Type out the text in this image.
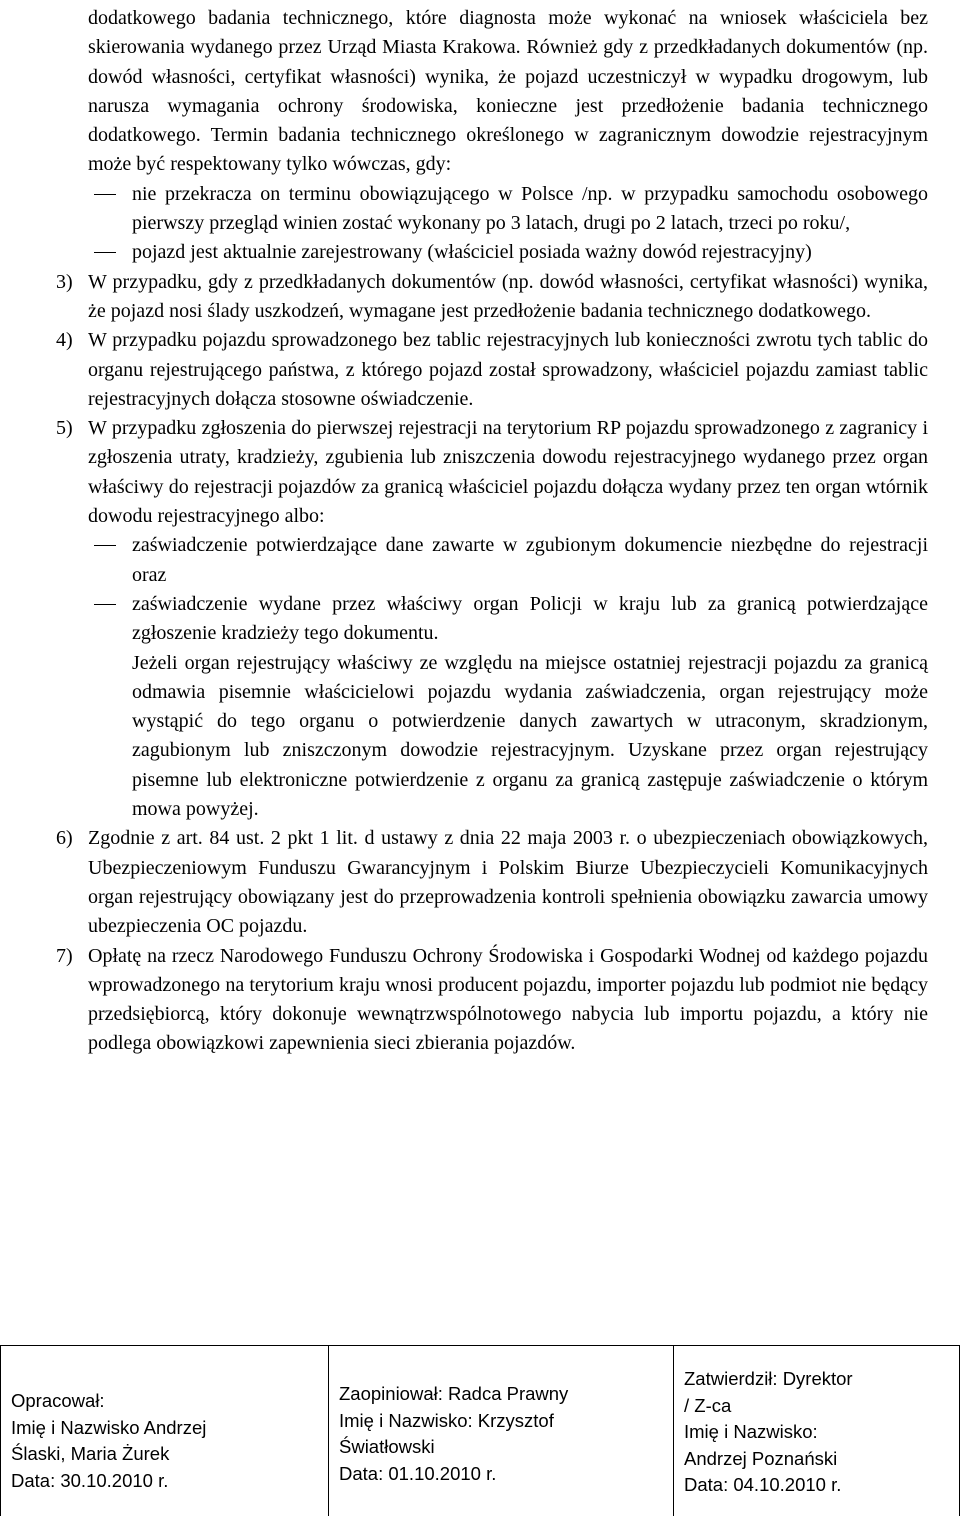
dodatkowego badania technicznego, które diagnosta może wykonać na wniosek właściciela bez skierowania wydanego przez Urząd Miasta Krakowa. Również gdy z przedkładanych dokumentów (np. dowód własności, certyfikat własności) wynika, że pojazd uczestniczył w wypadku drogowym, lub narusza wymagania ochrony środowiska, konieczne jest przedłożenie badania technicznego dodatkowego. Termin badania technicznego określonego w zagranicznym dowodzie rejestracyjnym może być respektowany tylko wówczas, gdy:

nie przekracza on terminu obowiązującego w Polsce /np. w przypadku samochodu osobowego pierwszy przegląd winien zostać wykonany po 3 latach, drugi po 2 latach, trzeci po roku/,
pojazd jest aktualnie zarejestrowany (właściciel posiada ważny dowód rejestracyjny)
3) W przypadku, gdy z przedkładanych dokumentów (np. dowód własności, certyfikat własności) wynika, że pojazd nosi ślady uszkodzeń, wymagane jest przedłożenie badania technicznego dodatkowego.
4) W przypadku pojazdu sprowadzonego bez tablic rejestracyjnych lub konieczności zwrotu tych tablic do organu rejestrującego państwa, z którego pojazd został sprowadzony, właściciel pojazdu zamiast tablic rejestracyjnych dołącza stosowne oświadczenie.
5) W przypadku zgłoszenia do pierwszej rejestracji na terytorium RP pojazdu sprowadzonego z zagranicy i zgłoszenia utraty, kradzieży, zgubienia lub zniszczenia dowodu rejestracyjnego wydanego przez organ właściwy do rejestracji pojazdów za granicą właściciel pojazdu dołącza wydany przez ten organ wtórnik dowodu rejestracyjnego albo:
zaświadczenie potwierdzające dane zawarte w zgubionym dokumencie niezbędne do rejestracji oraz
zaświadczenie wydane przez właściwy organ Policji w kraju lub za granicą potwierdzające zgłoszenie kradzieży tego dokumentu.

Jeżeli organ rejestrujący właściwy ze względu na miejsce ostatniej rejestracji pojazdu za granicą odmawia pisemnie właścicielowi pojazdu wydania zaświadczenia, organ rejestrujący może wystąpić do tego organu o potwierdzenie danych zawartych w utraconym, skradzionym, zagubionym lub zniszczonym dowodzie rejestracyjnym. Uzyskane przez organ rejestrujący pisemne lub elektroniczne potwierdzenie z organu za granicą zastępuje zaświadczenie o którym mowa powyżej.

6) Zgodnie z art. 84 ust. 2 pkt 1 lit. d ustawy z dnia 22 maja 2003 r. o ubezpieczeniach obowiązkowych, Ubezpieczeniowym Funduszu Gwarancyjnym i Polskim Biurze Ubezpieczycieli Komunikacyjnych organ rejestrujący obowiązany jest do przeprowadzenia kontroli spełnienia obowiązku zawarcia umowy ubezpieczenia OC pojazdu.
7) Opłatę na rzecz Narodowego Funduszu Ochrony Środowiska i Gospodarki Wodnej od każdego pojazdu wprowadzonego na terytorium kraju wnosi producent pojazdu, importer pojazdu lub podmiot nie będący przedsiębiorcą, który dokonuje wewnątrzwspólnotowego nabycia lub importu pojazdu, a który nie podlega obowiązkowi zapewnienia sieci zbierania pojazdów.
Opracował:
Imię i Nazwisko Andrzej
Ślaski, Maria Żurek
Data: 30.10.2010 r.
Zaopiniował: Radca Prawny
Imię i Nazwisko: Krzysztof
Światłowski
Data: 01.10.2010 r.
Zatwierdził: Dyrektor
/ Z-ca
Imię i Nazwisko:
Andrzej Poznański
Data: 04.10.2010 r.
